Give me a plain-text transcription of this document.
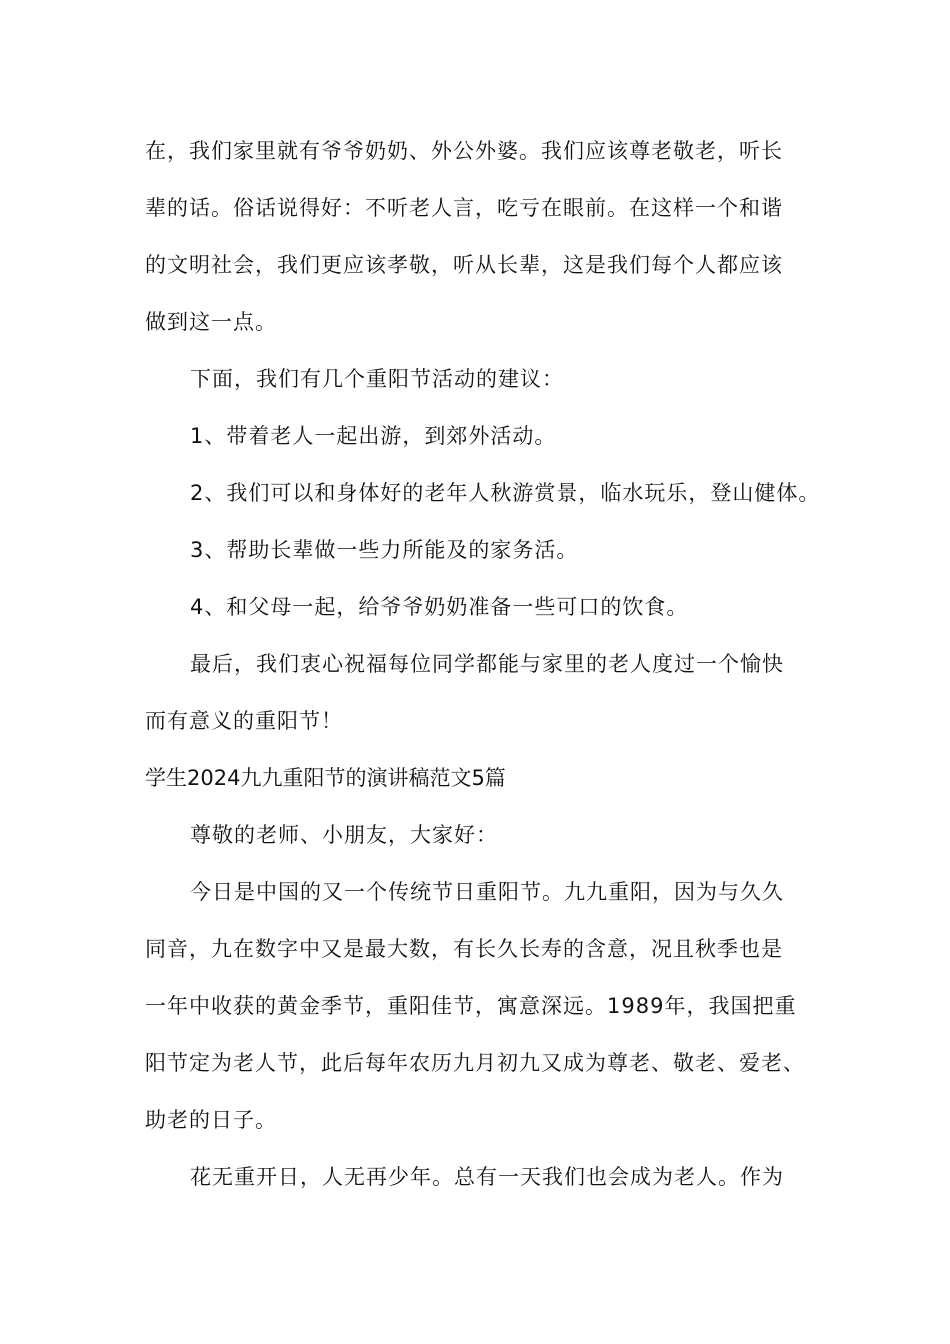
在，我们家里就有爷爷奶奶、外公外婆。我们应该尊老敬老，听长
辈的话。俗话说得好：不听老人言，吃亏在眼前。在这样一个和谐
的文明社会，我们更应该孝敬，听从长辈，这是我们每个人都应该
做到这一点。
下面，我们有几个重阳节活动的建议：
1、带着老人一起出游，到郊外活动。
2、我们可以和身体好的老年人秋游赏景，临水玩乐，登山健体。
3、帮助长辈做一些力所能及的家务活。
4、和父母一起，给爷爷奶奶准备一些可口的饮食。
最后，我们衷心祝福每位同学都能与家里的老人度过一个愉快
而有意义的重阳节！
学生2024九九重阳节的演讲稿范文5篇
尊敬的老师、小朋友，大家好：
今日是中国的又一个传统节日重阳节。九九重阳，因为与久久
同音，九在数字中又是最大数，有长久长寿的含意，况且秋季也是
一年中收获的黄金季节，重阳佳节，寓意深远。1989年，我国把重
阳节定为老人节，此后每年农历九月初九又成为尊老、敬老、爱老、
助老的日子。
花无重开日，人无再少年。总有一天我们也会成为老人。作为
